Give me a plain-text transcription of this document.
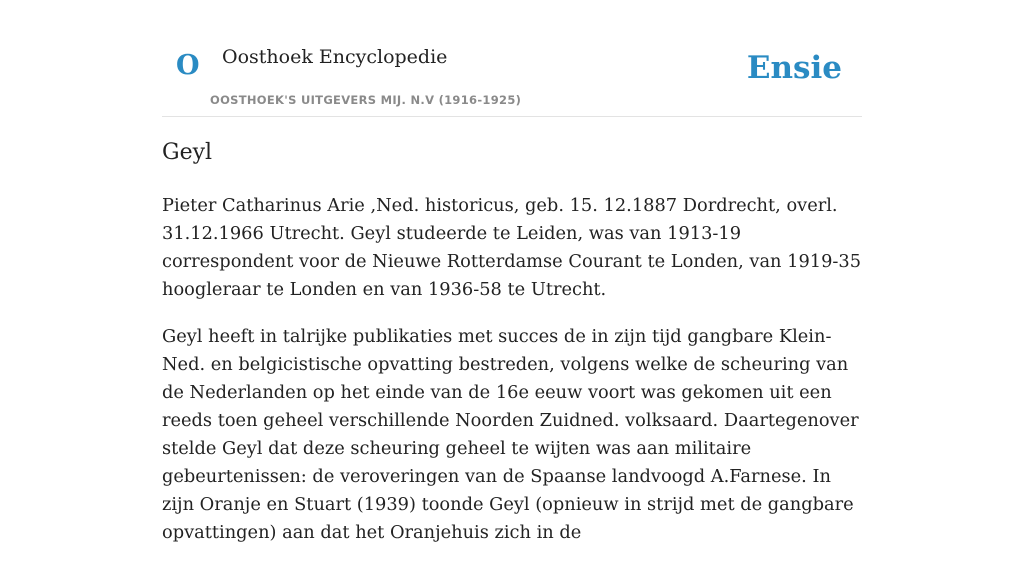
O Oosthoek Encyclopedie
OOSTHOEK'S UITGEVERS MIJ. N.V (1916-1925)
Ensie
Geyl

Pieter Catharinus Arie ,Ned. historicus, geb. 15. 12.1887 Dordrecht, overl. 31.12.1966 Utrecht. Geyl studeerde te Leiden, was van 1913-19 correspondent voor de Nieuwe Rotterdamse Courant te Londen, van 1919-35 hoogleraar te Londen en van 1936-58 te Utrecht.

Geyl heeft in talrijke publikaties met succes de in zijn tijd gangbare Klein-Ned. en belgicistische opvatting bestreden, volgens welke de scheuring van de Nederlanden op het einde van de 16e eeuw voort was gekomen uit een reeds toen geheel verschillende Noorden Zuidned. volksaard. Daartegenover stelde Geyl dat deze scheuring geheel te wijten was aan militaire gebeurtenissen: de veroveringen van de Spaanse landvoogd A.Farnese. In zijn Oranje en Stuart (1939) toonde Geyl (opnieuw in strijd met de gangbare opvattingen) aan dat het Oranjehuis zich in de
